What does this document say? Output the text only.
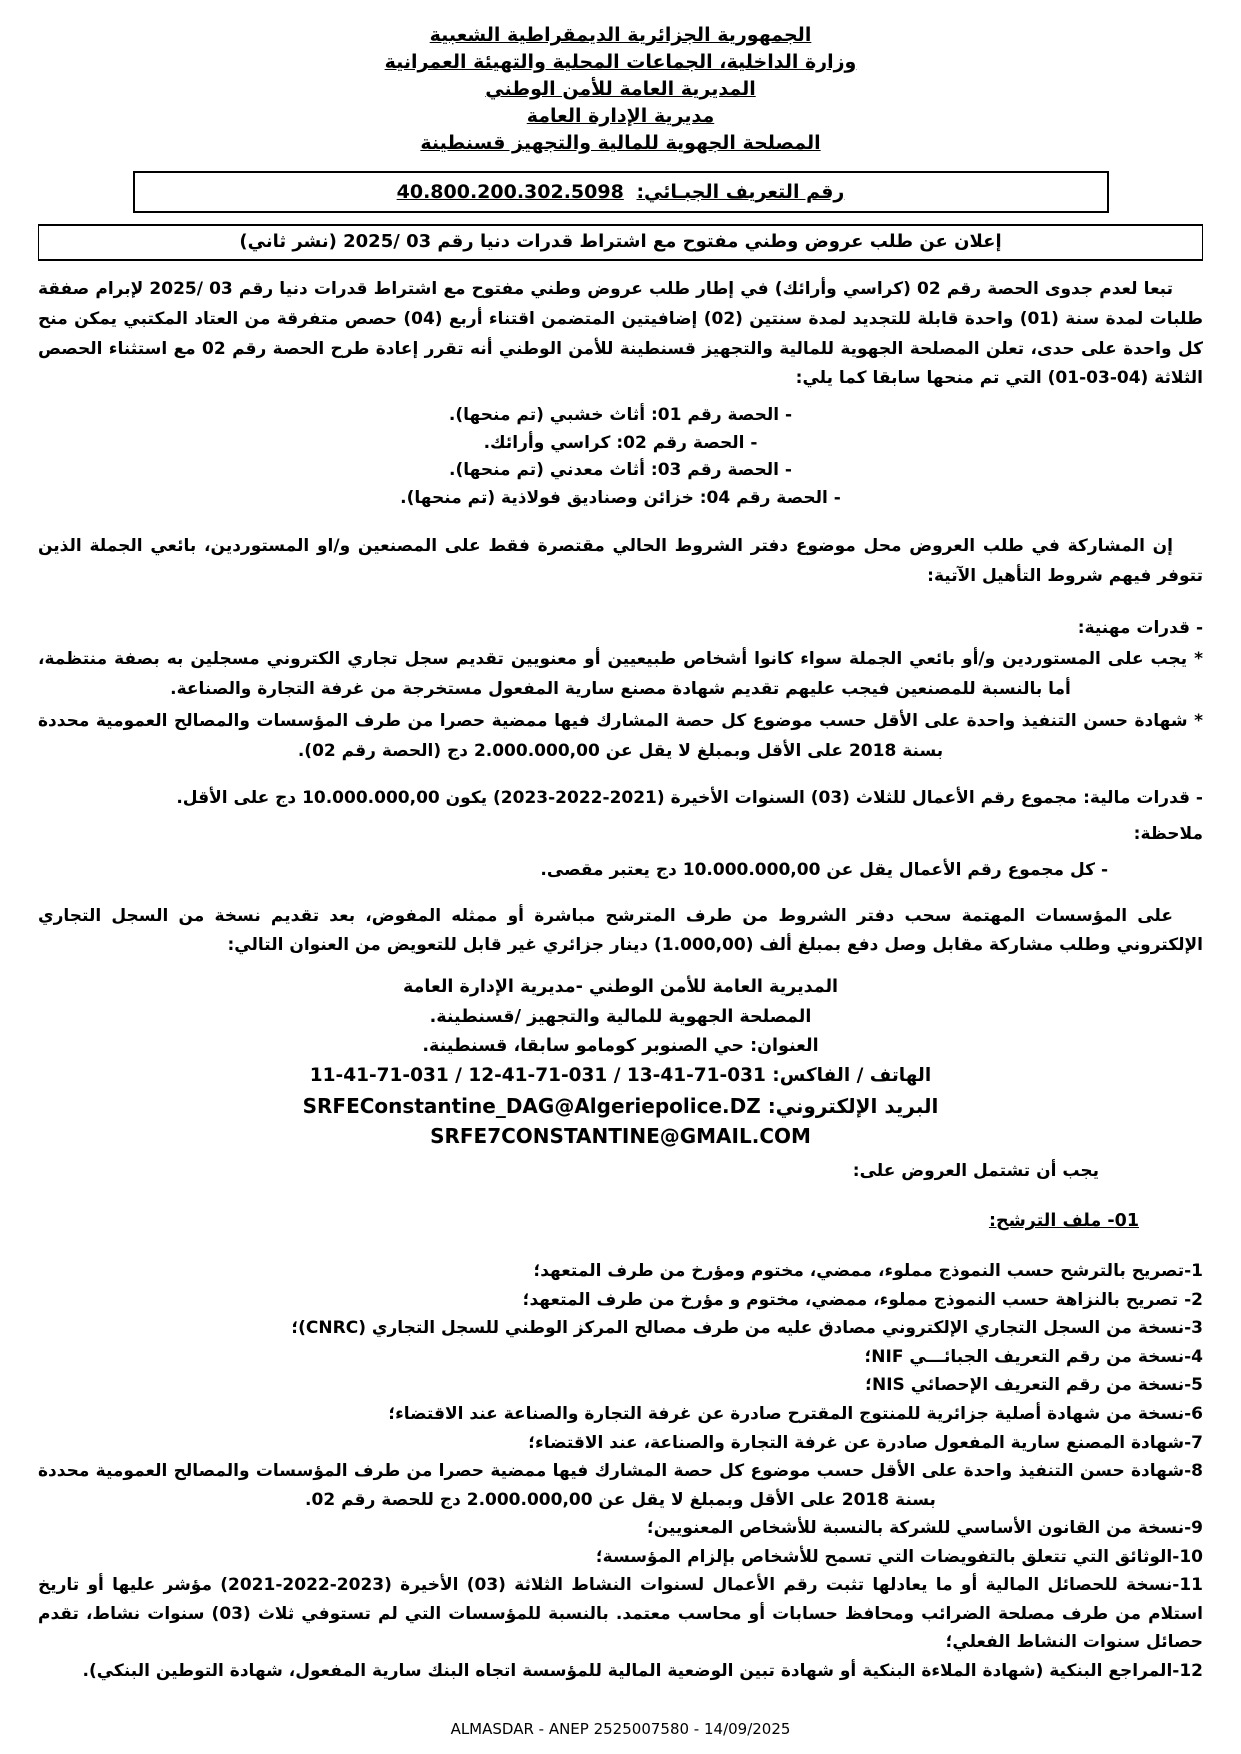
الجمهورية الجزائرية الديمقراطية الشعبية
وزارة الداخلية، الجماعات المحلية والتهيئة العمرانية
المديرية العامة للأمن الوطني
مديرية الإدارة العامة
المصلحة الجهوية للمالية والتجهيز قسنطينة
رقم التعريف الجبـائي: 40.800.200.302.5098
إعلان عن طلب عروض وطني مفتوح مع اشتراط قدرات دنيا رقم 03 /2025 (نشر ثاني)
تبعا لعدم جدوى الحصة رقم 02 (كراسي وأرائك) في إطار طلب عروض وطني مفتوح مع اشتراط قدرات دنيا رقم 03 /2025 لإبرام صفقة طلبات لمدة سنة (01) واحدة قابلة للتجديد لمدة سنتين (02) إضافيتين المتضمن اقتناء أربع (04) حصص متفرقة من العتاد المكتبي يمكن منح كل واحدة على حدى، تعلن المصلحة الجهوية للمالية والتجهيز قسنطينة للأمن الوطني أنه تقرر إعادة طرح الحصة رقم 02 مع استثناء الحصص الثلاثة (04-03-01) التي تم منحها سابقا كما يلي:
- الحصة رقم 01: أثاث خشبي (تم منحها).
- الحصة رقم 02: كراسي وأرائك.
- الحصة رقم 03: أثاث معدني (تم منحها).
- الحصة رقم 04: خزائن وصناديق فولاذية (تم منحها).
إن المشاركة في طلب العروض محل موضوع دفتر الشروط الحالي مقتصرة فقط على المصنعين و/او المستوردين، بائعي الجملة الذين تتوفر فيهم شروط التأهيل الآتية:
- قدرات مهنية:
* يجب على المستوردين و/أو بائعي الجملة سواء كانوا أشخاص طبيعيين أو معنويين تقديم سجل تجاري الكتروني مسجلين به بصفة منتظمة، أما بالنسبة للمصنعين فيجب عليهم تقديم شهادة مصنع سارية المفعول مستخرجة من غرفة التجارة والصناعة.
* شهادة حسن التنفيذ واحدة على الأقل حسب موضوع كل حصة المشارك فيها ممضية حصرا من طرف المؤسسات والمصالح العمومية محددة بسنة 2018 على الأقل وبمبلغ لا يقل عن 2.000.000,00 دج (الحصة رقم 02).
- قدرات مالية: مجموع رقم الأعمال للثلاث (03) السنوات الأخيرة (2021-2022-2023) يكون 10.000.000,00 دج على الأقل.
ملاحظة:
- كل مجموع رقم الأعمال يقل عن 10.000.000,00 دج يعتبر مقصى.
على المؤسسات المهتمة سحب دفتر الشروط من طرف المترشح مباشرة أو ممثله المفوض، بعد تقديم نسخة من السجل التجاري الإلكتروني وطلب مشاركة مقابل وصل دفع بمبلغ ألف (1.000,00) دينار جزائري غير قابل للتعويض من العنوان التالي:
المديرية العامة للأمن الوطني -مديرية الإدارة العامة
المصلحة الجهوية للمالية والتجهيز /قسنطينة.
العنوان: حي الصنوبر كومامو سابقا، قسنطينة.
الهاتف / الفاكس: 031-71-41-13 / 031-71-41-12 / 031-71-41-11
البريد الإلكتروني: SRFEConstantine_DAG@Algeriepolice.DZ
SRFE7CONSTANTINE@GMAIL.COM
يجب أن تشتمل العروض على:
01- ملف الترشح:
1-تصريح بالترشح حسب النموذج مملوء، ممضي، مختوم ومؤرخ من طرف المتعهد؛
2- تصريح بالنزاهة حسب النموذج مملوء، ممضي، مختوم و مؤرخ من طرف المتعهد؛
3-نسخة من السجل التجاري الإلكتروني مصادق عليه من طرف مصالح المركز الوطني للسجل التجاري (CNRC)؛
4-نسخة من رقم التعريف الجبائـــي NIF؛
5-نسخة من رقم التعريف الإحصائي NIS؛
6-نسخة من شهادة أصلية جزائرية للمنتوج المقترح صادرة عن غرفة التجارة والصناعة عند الاقتضاء؛
7-شهادة المصنع سارية المفعول صادرة عن غرفة التجارة والصناعة، عند الاقتضاء؛
8-شهادة حسن التنفيذ واحدة على الأقل حسب موضوع كل حصة المشارك فيها ممضية حصرا من طرف المؤسسات والمصالح العمومية محددة بسنة 2018 على الأقل وبمبلغ لا يقل عن 2.000.000,00 دج للحصة رقم 02.
9-نسخة من القانون الأساسي للشركة بالنسبة للأشخاص المعنويين؛
10-الوثائق التي تتعلق بالتفويضات التي تسمح للأشخاص بإلزام المؤسسة؛
11-نسخة للحصائل المالية أو ما يعادلها تثبت رقم الأعمال لسنوات النشاط الثلاثة (03) الأخيرة (2023-2022-2021) مؤشر عليها أو تاريخ استلام من طرف مصلحة الضرائب ومحافظ حسابات أو محاسب معتمد. بالنسبة للمؤسسات التي لم تستوفي ثلاث (03) سنوات نشاط، تقدم حصائل سنوات النشاط الفعلي؛
12-المراجع البنكية (شهادة الملاءة البنكية أو شهادة تبين الوضعية المالية للمؤسسة اتجاه البنك سارية المفعول، شهادة التوطين البنكي).
ALMASDAR - ANEP 2525007580 - 14/09/2025
